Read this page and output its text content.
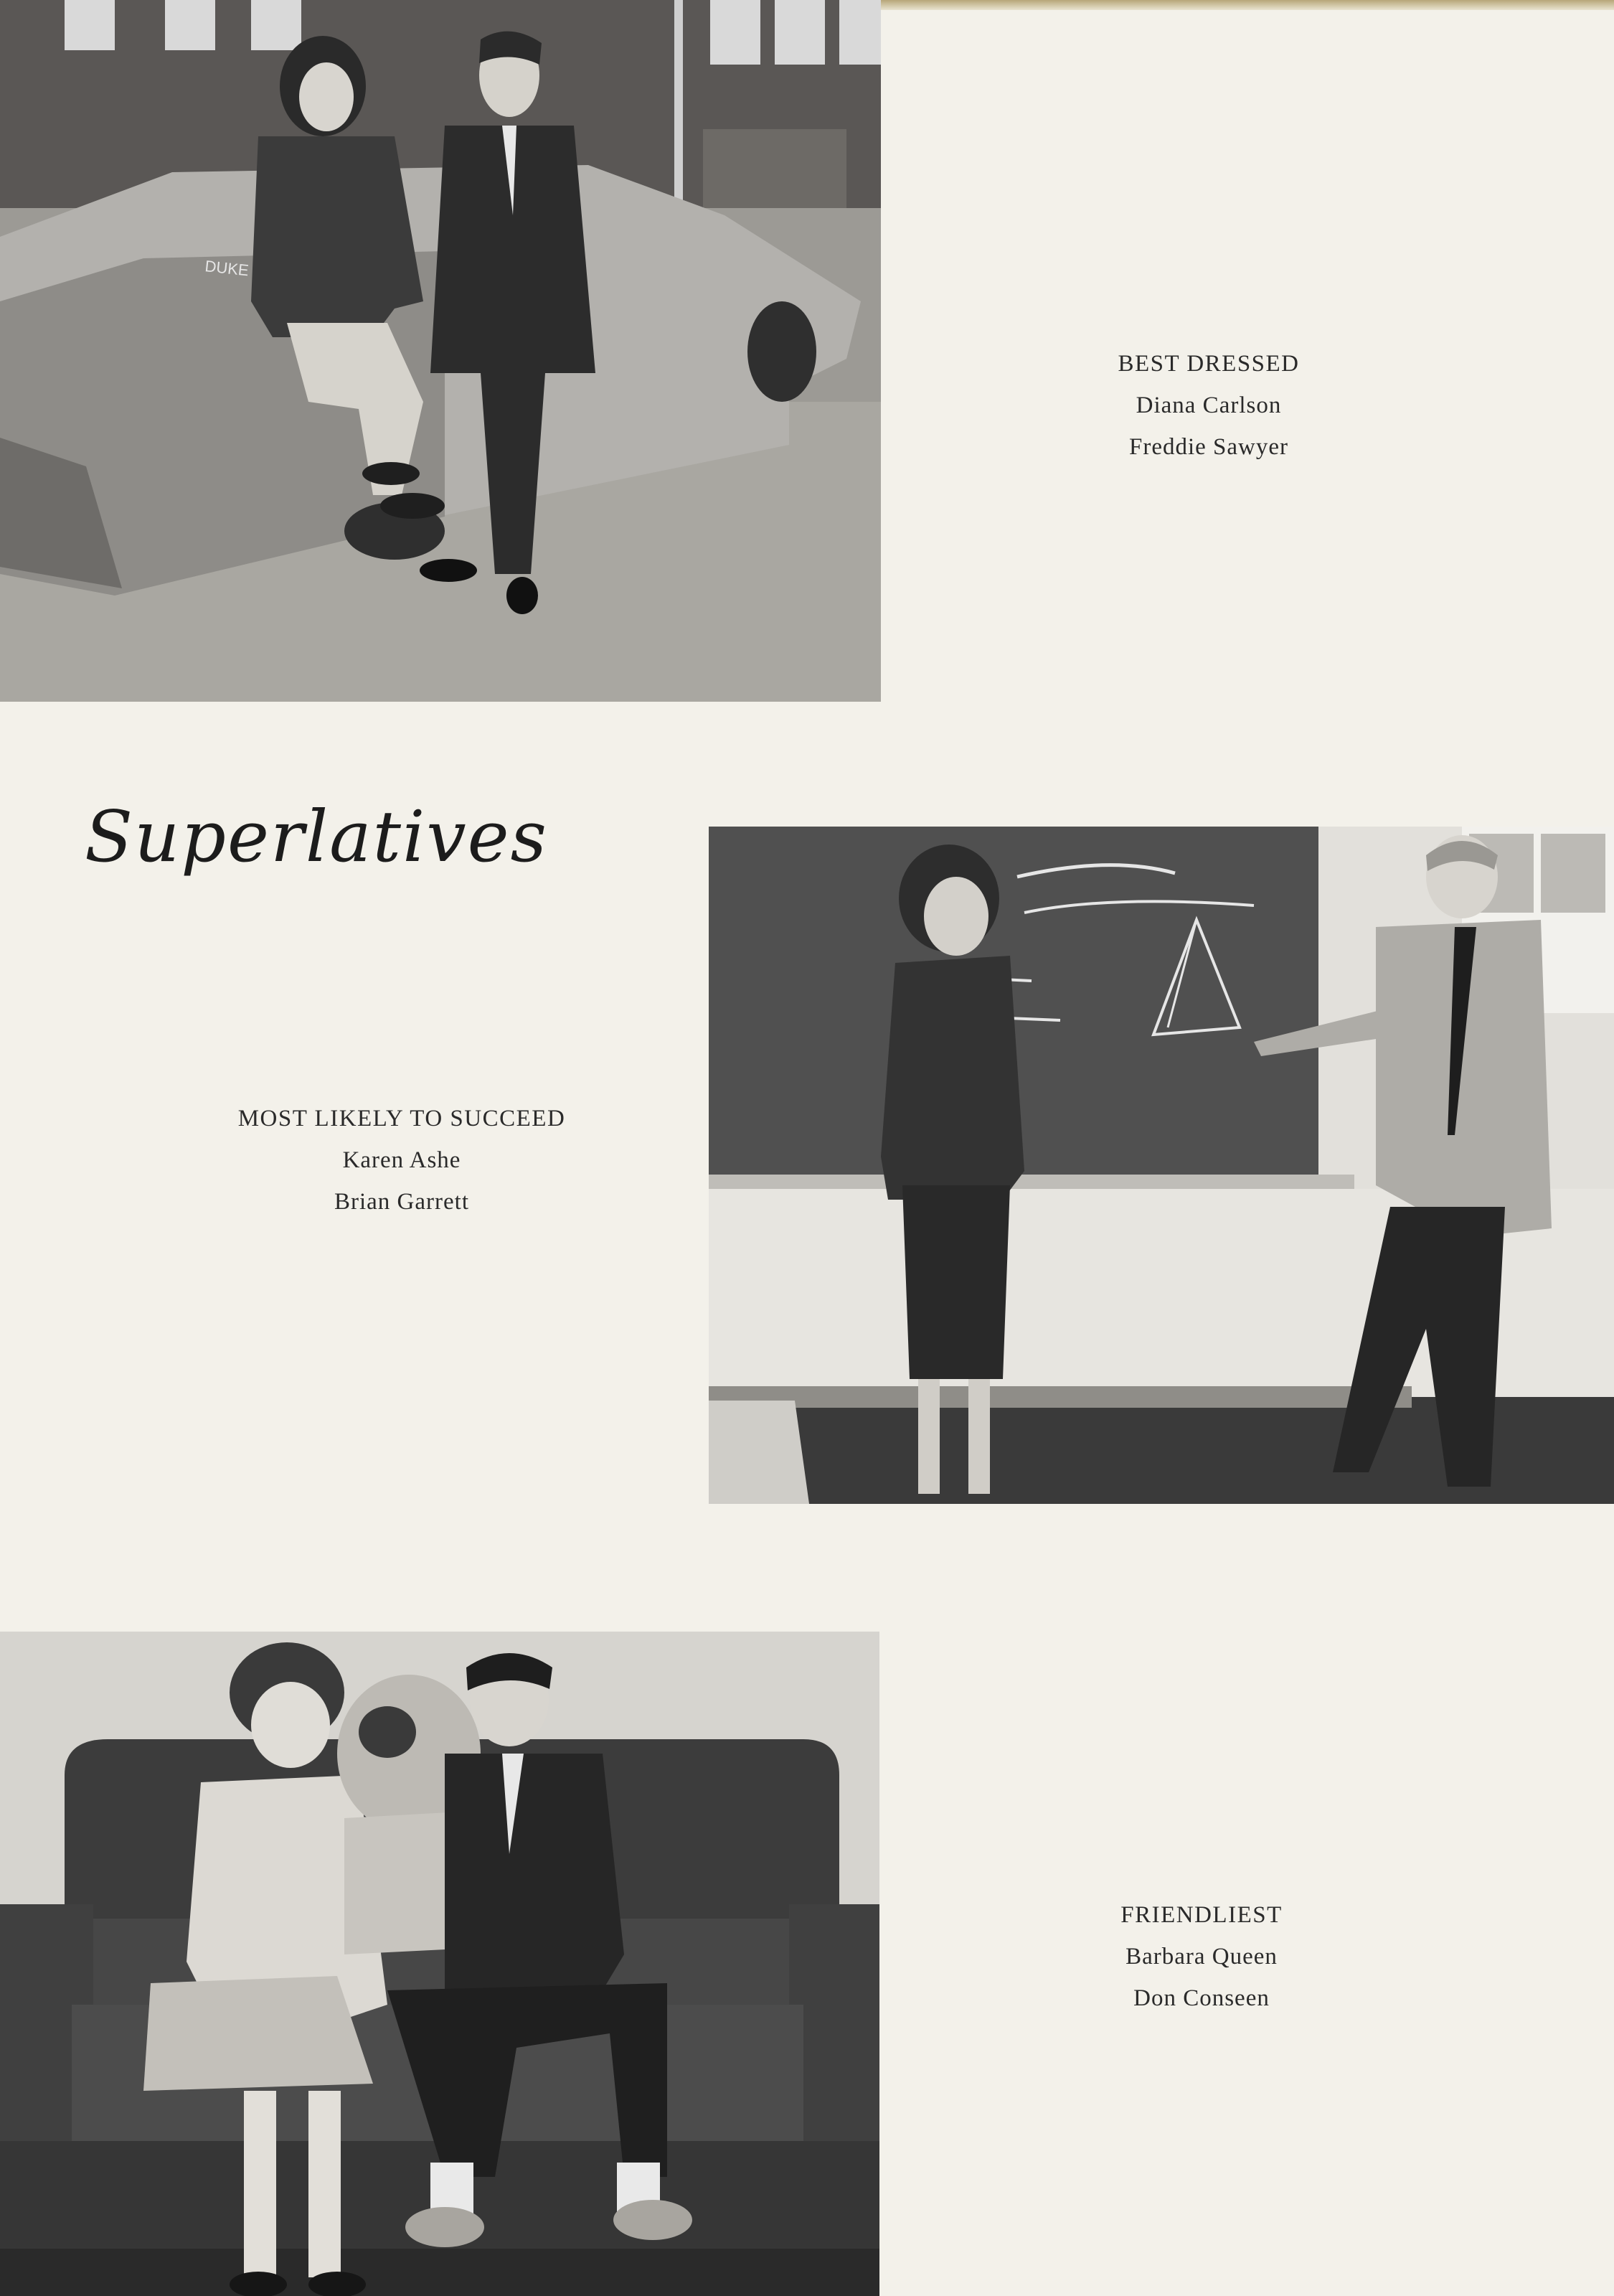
DUKE
BEST DRESSED
Diana Carlson
Freddie Sawyer
Superlatives
MOST LIKELY TO SUCCEED
Karen Ashe
Brian Garrett
FRIENDLIEST
Barbara Queen
Don Conseen
